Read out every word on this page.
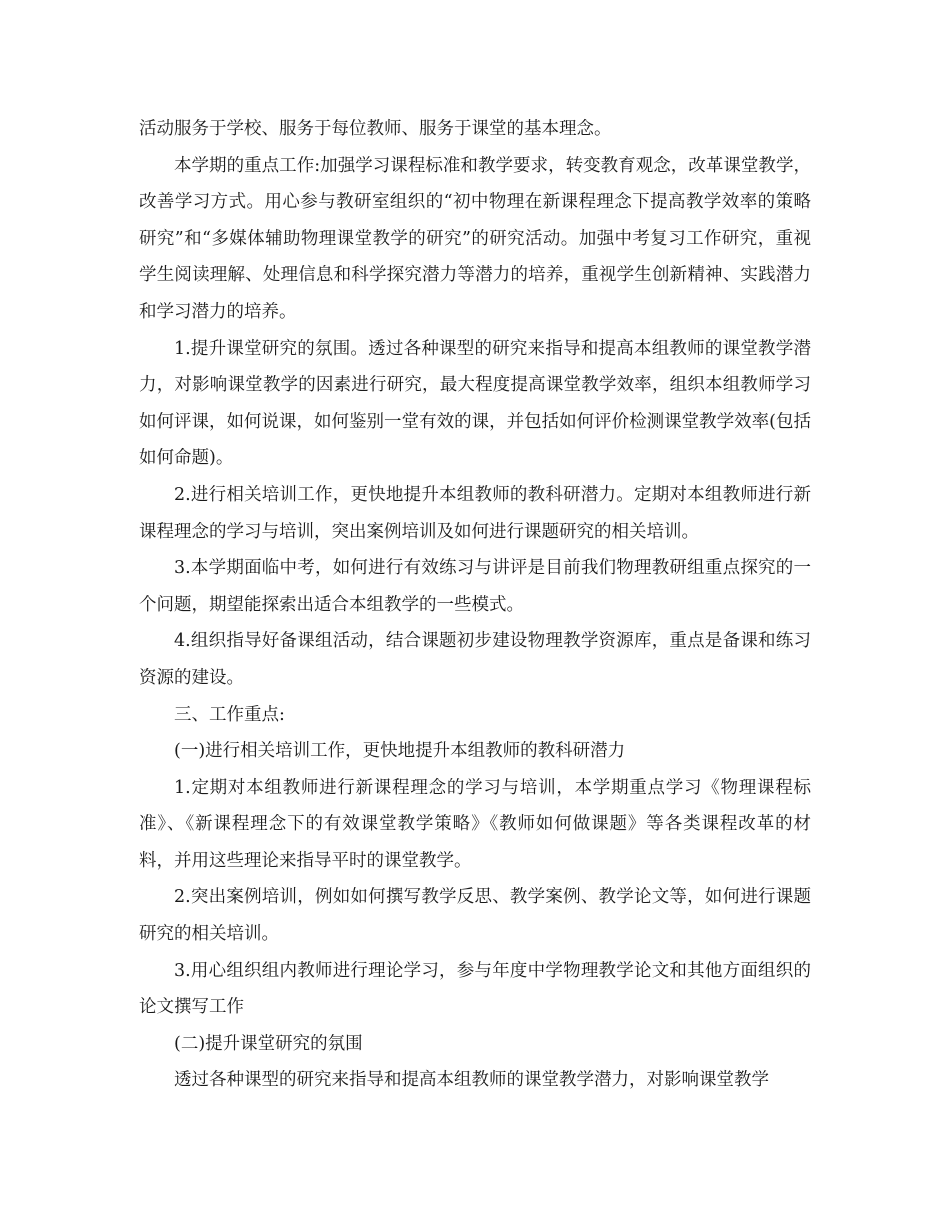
活动服务于学校、服务于每位教师、服务于课堂的基本理念。

本学期的重点工作:加强学习课程标准和教学要求，转变教育观念，改革课堂教学，改善学习方式。用心参与教研室组织的“初中物理在新课程理念下提高教学效率的策略研究”和“多媒体辅助物理课堂教学的研究”的研究活动。加强中考复习工作研究，重视学生阅读理解、处理信息和科学探究潜力等潜力的培养，重视学生创新精神、实践潜力和学习潜力的培养。

1.提升课堂研究的氛围。透过各种课型的研究来指导和提高本组教师的课堂教学潜力，对影响课堂教学的因素进行研究，最大程度提高课堂教学效率，组织本组教师学习如何评课，如何说课，如何鉴别一堂有效的课，并包括如何评价检测课堂教学效率(包括如何命题)。

2.进行相关培训工作，更快地提升本组教师的教科研潜力。定期对本组教师进行新课程理念的学习与培训，突出案例培训及如何进行课题研究的相关培训。

3.本学期面临中考，如何进行有效练习与讲评是目前我们物理教研组重点探究的一个问题，期望能探索出适合本组教学的一些模式。

4.组织指导好备课组活动，结合课题初步建设物理教学资源库，重点是备课和练习资源的建设。

三、工作重点:

(一)进行相关培训工作，更快地提升本组教师的教科研潜力

1.定期对本组教师进行新课程理念的学习与培训，本学期重点学习《物理课程标准》、《新课程理念下的有效课堂教学策略》《教师如何做课题》等各类课程改革的材料，并用这些理论来指导平时的课堂教学。

2.突出案例培训，例如如何撰写教学反思、教学案例、教学论文等，如何进行课题研究的相关培训。

3.用心组织组内教师进行理论学习，参与年度中学物理教学论文和其他方面组织的论文撰写工作

(二)提升课堂研究的氛围

透过各种课型的研究来指导和提高本组教师的课堂教学潜力，对影响课堂教学
